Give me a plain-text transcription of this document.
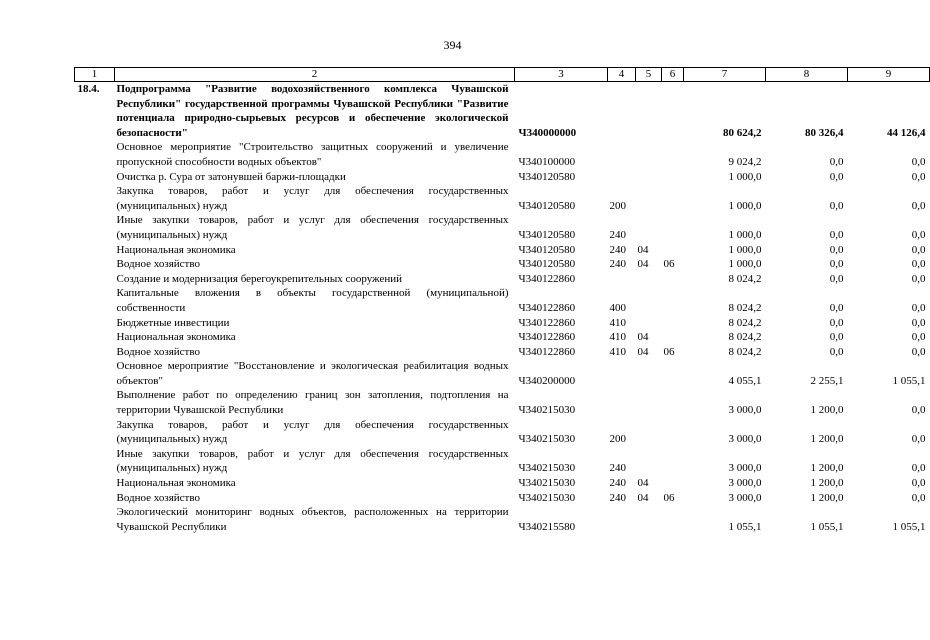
394
1	2	3	4	5	6	7	8	9
18.4.	Подпрограмма "Развитие водохозяйственного комплекса Чувашской Республики" государственной программы Чувашской Республики "Развитие потенциала природно-сырьевых ресурсов и обеспечение экологической безопасности"	Ч340000000				80 624,2	80 326,4	44 126,4
	Основное мероприятие "Строительство защитных сооружений и увеличение пропускной способности водных объектов"	Ч340100000				9 024,2	0,0	0,0
	Очистка р. Сура от затонувшей баржи-площадки	Ч340120580				1 000,0	0,0	0,0
	Закупка товаров, работ и услуг для обеспечения государственных (муниципальных) нужд	Ч340120580	200			1 000,0	0,0	0,0
	Иные закупки товаров, работ и услуг для обеспечения государственных (муниципальных) нужд	Ч340120580	240			1 000,0	0,0	0,0
	Национальная экономика	Ч340120580	240	04		1 000,0	0,0	0,0
	Водное хозяйство	Ч340120580	240	04	06	1 000,0	0,0	0,0
	Создание и модернизация берегоукрепительных сооружений	Ч340122860				8 024,2	0,0	0,0
	Капитальные вложения в объекты государственной (муниципальной) собственности	Ч340122860	400			8 024,2	0,0	0,0
	Бюджетные инвестиции	Ч340122860	410			8 024,2	0,0	0,0
	Национальная экономика	Ч340122860	410	04		8 024,2	0,0	0,0
	Водное хозяйство	Ч340122860	410	04	06	8 024,2	0,0	0,0
	Основное мероприятие "Восстановление и экологическая реабилитация водных объектов"	Ч340200000				4 055,1	2 255,1	1 055,1
	Выполнение работ по определению границ зон затопления, подтопления на территории Чувашской Республики	Ч340215030				3 000,0	1 200,0	0,0
	Закупка товаров, работ и услуг для обеспечения государственных (муниципальных) нужд	Ч340215030	200			3 000,0	1 200,0	0,0
	Иные закупки товаров, работ и услуг для обеспечения государственных (муниципальных) нужд	Ч340215030	240			3 000,0	1 200,0	0,0
	Национальная экономика	Ч340215030	240	04		3 000,0	1 200,0	0,0
	Водное хозяйство	Ч340215030	240	04	06	3 000,0	1 200,0	0,0
	Экологический мониторинг водных объектов, расположенных на территории Чувашской Республики	Ч340215580				1 055,1	1 055,1	1 055,1
